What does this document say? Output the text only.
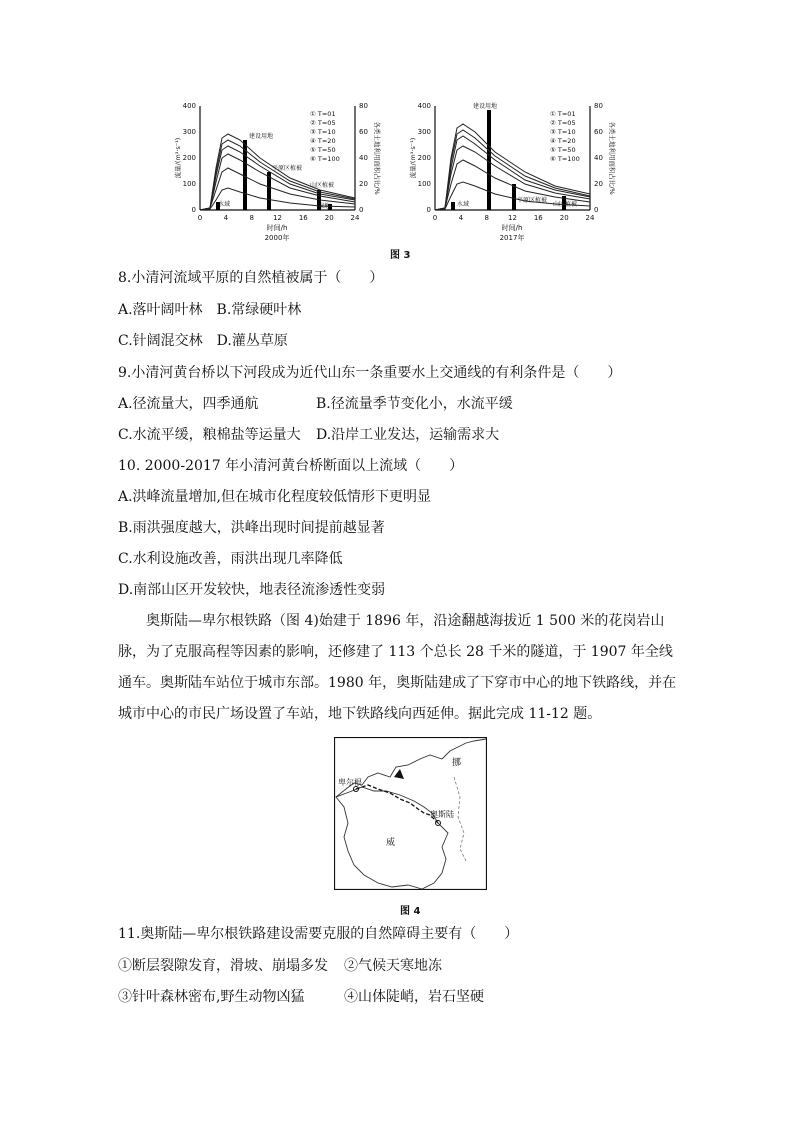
0
100
200
300
400
0
20
40
60
80
0	4	8	12 16 20 24
时间/h
2000年
流量/(m³·s⁻¹)	各类土地利用面积占比/%
建设用地
平原区植被
山区植被
水域	裸地
① T=01
② T=05
③ T=10
④ T=20
⑤ T=50
⑥ T=100
0
100
200
300
400
0
20
40
60
80
0	4	8	12 16 20 24
时间/h
2017年
流量/(m³·s⁻¹)	各类土地利用面积占比/%
建设用地
平原区植被
山区植被
水域
① T=01
② T=05
③ T=10
④ T=20
⑤ T=50
⑥ T=100
图 3
8.小清河流域平原的自然植被属于（　　）
A.落叶阔叶林　B.常绿硬叶林
C.针阔混交林　D.灌丛草原
9.小清河黄台桥以下河段成为近代山东一条重要水上交通线的有利条件是（　　）
A.径流量大，四季通航	B.径流量季节变化小，水流平缓
C.水流平缓，粮棉盐等运量大 D.沿岸工业发达，运输需求大
10. 2000-2017 年小清河黄台桥断面以上流域（　　）
A.洪峰流量增加,但在城市化程度较低情形下更明显
B.雨洪强度越大，洪峰出现时间提前越显著
C.水利设施改善，雨洪出现几率降低
D.南部山区开发较快，地表径流渗透性变弱
奥斯陆—卑尔根铁路（图 4)始建于 1896 年，沿途翻越海拔近 1 500 米的花岗岩山脉，为了克服高程等因素的影响，还修建了 113 个总长 28 千米的隧道，于 1907 年全线通车。奥斯陆车站位于城市东部。1980 年，奥斯陆建成了下穿市中心的地下铁路线，并在城市中心的市民广场设置了车站，地下铁路线向西延伸。据此完成 11-12 题。
挪
卑尔根
奥斯陆
威
图 4
11.奥斯陆—卑尔根铁路建设需要克服的自然障碍主要有（　　）
①断层裂隙发育，滑坡、崩塌多发 ②气候天寒地冻
③针叶森林密布,野生动物凶猛	④山体陡峭，岩石坚硬
